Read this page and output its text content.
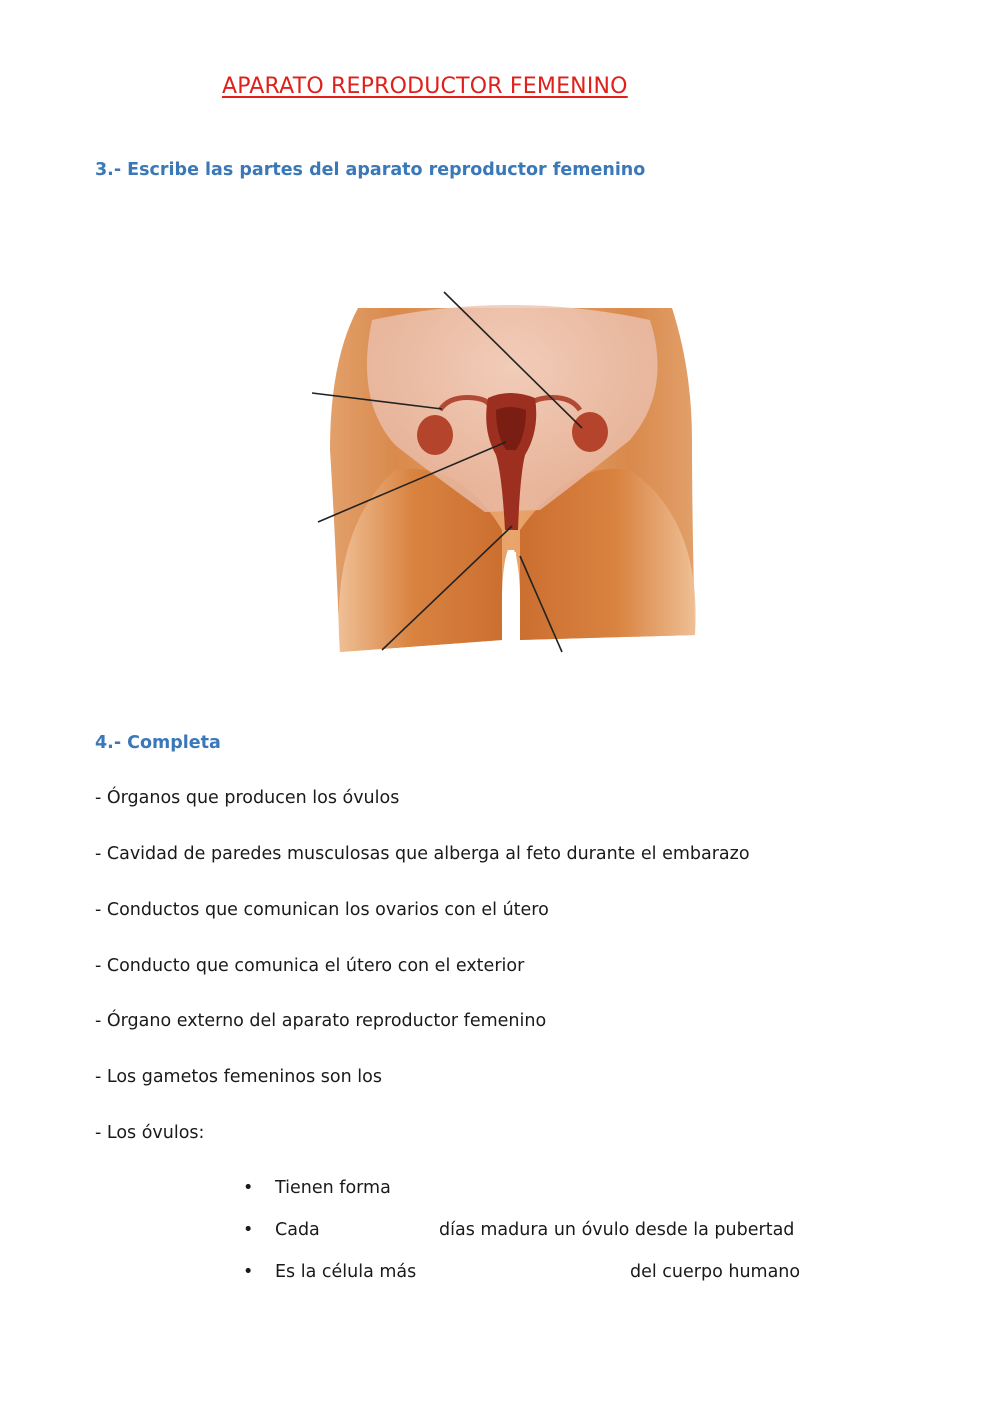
APARATO REPRODUCTOR FEMENINO
3.- Escribe las partes del aparato reproductor femenino
4.- Completa
- Órganos que producen los óvulos
- Cavidad de paredes musculosas que alberga al feto durante el embarazo
- Conductos que comunican los ovarios con el útero
- Conducto que comunica el útero con el exterior
- Órgano externo del aparato reproductor femenino
- Los gametos femeninos son los
- Los óvulos:
• Tienen forma
• Cada	días madura un óvulo desde la pubertad
• Es la célula más	del cuerpo humano
